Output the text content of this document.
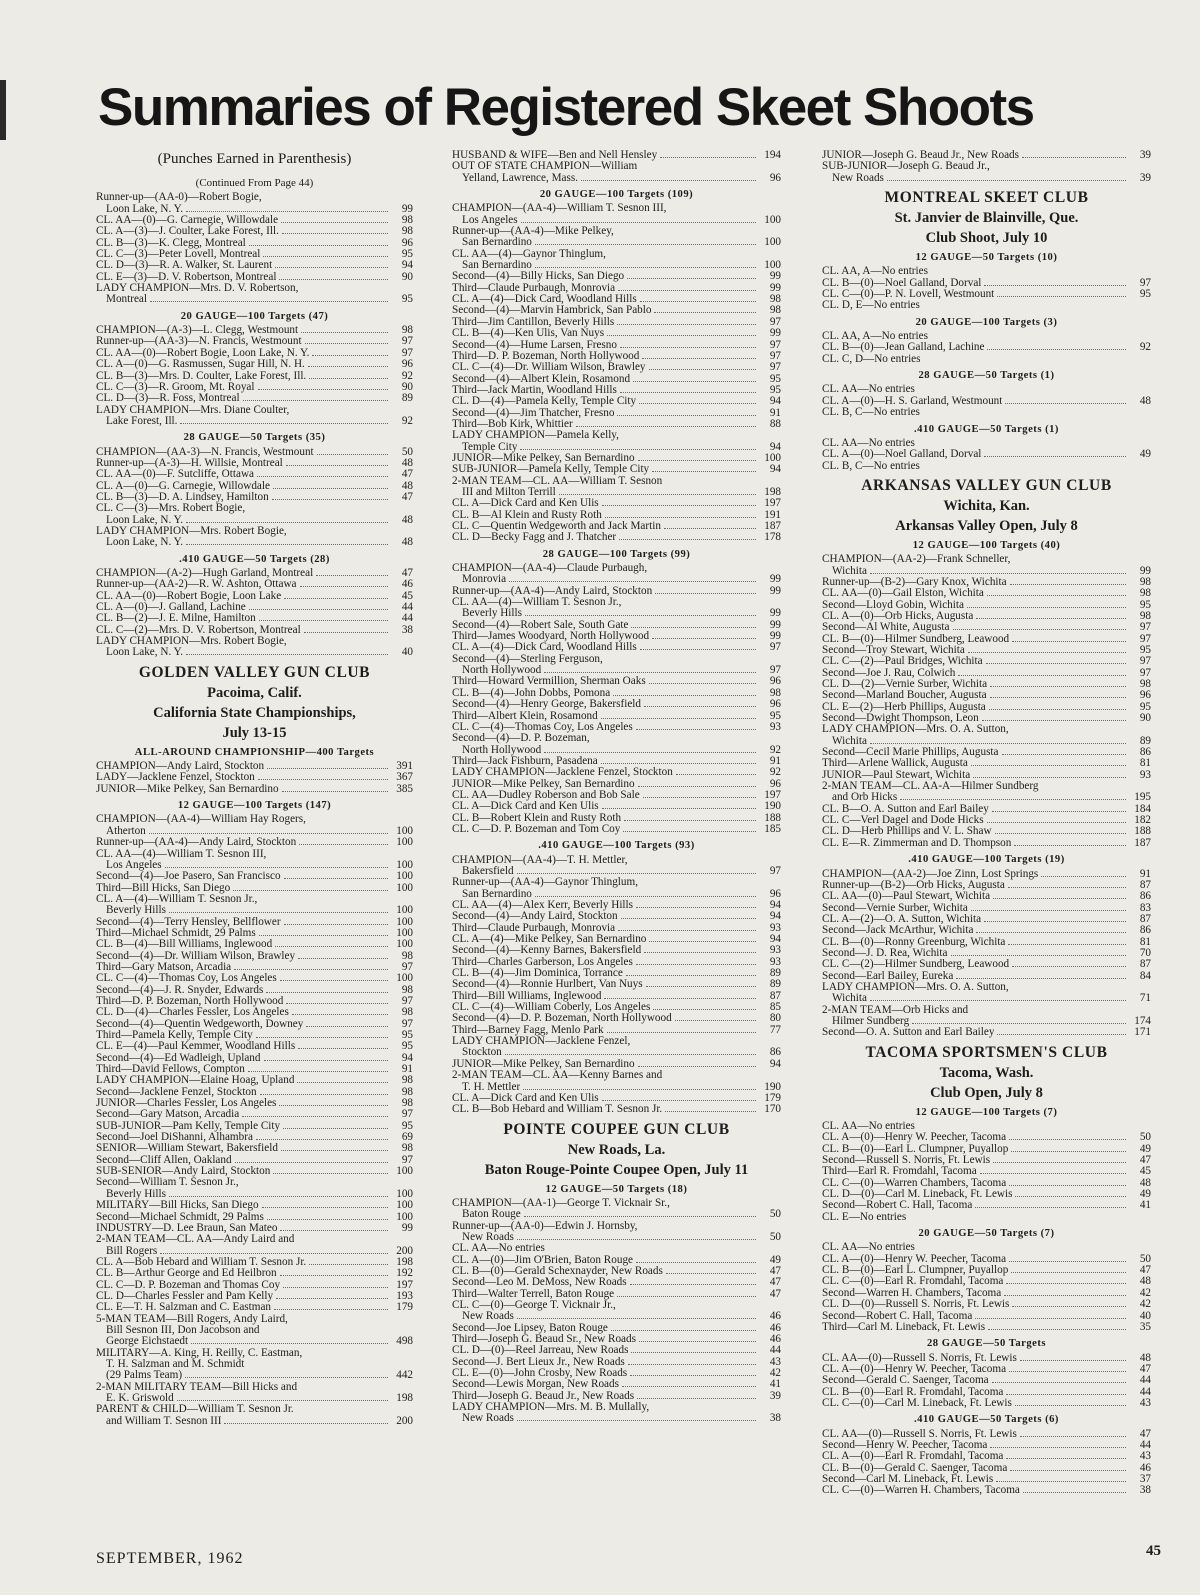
Summaries of Registered Skeet Shoots
(Punches Earned in Parenthesis)
(Continued From Page 44)
Runner-up—(AA-0)—Robert Bogie,
Loon Lake, N. Y.	99
CL. AA—(0)—G. Carnegie, Willowdale	98
CL. A—(3)—J. Coulter, Lake Forest, Ill.	98
CL. B—(3)—K. Clegg, Montreal	96
CL. C—(3)—Peter Lovell, Montreal	95
CL. D—(3)—R. A. Walker, St. Laurent	94
CL. E—(3)—D. V. Robertson, Montreal	90
LADY CHAMPION—Mrs. D. V. Robertson,
Montreal	95
20 GAUGE—100 Targets (47)
CHAMPION—(A-3)—L. Clegg, Westmount	98
Runner-up—(AA-3)—N. Francis, Westmount	97
CL. AA—(0)—Robert Bogie, Loon Lake, N. Y.	97
CL. A—(0)—G. Rasmussen, Sugar Hill, N. H.	96
CL. B—(3)—Mrs. D. Coulter, Lake Forest, Ill.	92
CL. C—(3)—R. Groom, Mt. Royal	90
CL. D—(3)—R. Foss, Montreal	89
LADY CHAMPION—Mrs. Diane Coulter,
Lake Forest, Ill.	92
28 GAUGE—50 Targets (35)
CHAMPION—(AA-3)—N. Francis, Westmount	50
Runner-up—(A-3)—H. Willsie, Montreal	48
CL. AA—(0)—F. Sutcliffe, Ottawa	47
CL. A—(0)—G. Carnegie, Willowdale	48
CL. B—(3)—D. A. Lindsey, Hamilton	47
CL. C—(3)—Mrs. Robert Bogie,
Loon Lake, N. Y.	48
LADY CHAMPION—Mrs. Robert Bogie,
Loon Lake, N. Y.	48
.410 GAUGE—50 Targets (28)
CHAMPION—(A-2)—Hugh Garland, Montreal	47
Runner-up—(AA-2)—R. W. Ashton, Ottawa	46
CL. AA—(0)—Robert Bogie, Loon Lake	45
CL. A—(0)—J. Galland, Lachine	44
CL. B—(2)—J. E. Milne, Hamilton	44
CL. C—(2)—Mrs. D. V. Robertson, Montreal	38
LADY CHAMPION—Mrs. Robert Bogie,
Loon Lake, N. Y.	40
GOLDEN VALLEY GUN CLUB
Pacoima, Calif.
California State Championships,
July 13-15
ALL-AROUND CHAMPIONSHIP—400 Targets
CHAMPION—Andy Laird, Stockton	391
LADY—Jacklene Fenzel, Stockton	367
JUNIOR—Mike Pelkey, San Bernardino	385
12 GAUGE—100 Targets (147)
CHAMPION—(AA-4)—William Hay Rogers,
Atherton	100
Runner-up—(AA-4)—Andy Laird, Stockton	100
CL. AA—(4)—William T. Sesnon III,
Los Angeles	100
Second—(4)—Joe Pasero, San Francisco	100
Third—Bill Hicks, San Diego	100
CL. A—(4)—William T. Sesnon Jr.,
Beverly Hills	100
Second—(4)—Terry Hensley, Bellflower	100
Third—Michael Schmidt, 29 Palms	100
CL. B—(4)—Bill Williams, Inglewood	100
Second—(4)—Dr. William Wilson, Brawley	98
Third—Gary Matson, Arcadia	97
CL. C—(4)—Thomas Coy, Los Angeles	100
Second—(4)—J. R. Snyder, Edwards	98
Third—D. P. Bozeman, North Hollywood	97
CL. D—(4)—Charles Fessler, Los Angeles	98
Second—(4)—Quentin Wedgeworth, Downey	97
Third—Pamela Kelly, Temple City	95
CL. E—(4)—Paul Kemmer, Woodland Hills	95
Second—(4)—Ed Wadleigh, Upland	94
Third—David Fellows, Compton	91
LADY CHAMPION—Elaine Hoag, Upland	98
Second—Jacklene Fenzel, Stockton	98
JUNIOR—Charles Fessler, Los Angeles	98
Second—Gary Matson, Arcadia	97
SUB-JUNIOR—Pam Kelly, Temple City	95
Second—Joel DiShanni, Alhambra	69
SENIOR—William Stewart, Bakersfield	98
Second—Cliff Allen, Oakland	97
SUB-SENIOR—Andy Laird, Stockton	100
Second—William T. Sesnon Jr.,
Beverly Hills	100
MILITARY—Bill Hicks, San Diego	100
Second—Michael Schmidt, 29 Palms	100
INDUSTRY—D. Lee Braun, San Mateo	99
2-MAN TEAM—CL. AA—Andy Laird and
Bill Rogers	200
CL. A—Bob Hebard and William T. Sesnon Jr.	198
CL. B—Arthur George and Ed Heilbron	192
CL. C—D. P. Bozeman and Thomas Coy	197
CL. D—Charles Fessler and Pam Kelly	193
CL. E—T. H. Salzman and C. Eastman	179
5-MAN TEAM—Bill Rogers, Andy Laird,
Bill Sesnon III, Don Jacobson and
George Eichstaedt	498
MILITARY—A. King, H. Reilly, C. Eastman,
T. H. Salzman and M. Schmidt
(29 Palms Team)	442
2-MAN MILITARY TEAM—Bill Hicks and
E. K. Griswold	198
PARENT & CHILD—William T. Sesnon Jr.
and William T. Sesnon III	200
HUSBAND & WIFE—Ben and Nell Hensley	194
OUT OF STATE CHAMPION—William
Yelland, Lawrence, Mass.	96
20 GAUGE—100 Targets (109)
CHAMPION—(AA-4)—William T. Sesnon III,
Los Angeles	100
Runner-up—(AA-4)—Mike Pelkey,
San Bernardino	100
CL. AA—(4)—Gaynor Thinglum,
San Bernardino	100
Second—(4)—Billy Hicks, San Diego	99
Third—Claude Purbaugh, Monrovia	99
CL. A—(4)—Dick Card, Woodland Hills	98
Second—(4)—Marvin Hambrick, San Pablo	98
Third—Jim Cantillon, Beverly Hills	97
CL. B—(4)—Ken Ulis, Van Nuys	99
Second—(4)—Hume Larsen, Fresno	97
Third—D. P. Bozeman, North Hollywood	97
CL. C—(4)—Dr. William Wilson, Brawley	97
Second—(4)—Albert Klein, Rosamond	95
Third—Jack Martin, Woodland Hills	95
CL. D—(4)—Pamela Kelly, Temple City	94
Second—(4)—Jim Thatcher, Fresno	91
Third—Bob Kirk, Whittier	88
LADY CHAMPION—Pamela Kelly,
Temple City	94
JUNIOR—Mike Pelkey, San Bernardino	100
SUB-JUNIOR—Pamela Kelly, Temple City	94
2-MAN TEAM—CL. AA—William T. Sesnon
III and Milton Terrill	198
CL. A—Dick Card and Ken Ulis	197
CL. B—Al Klein and Rusty Roth	191
CL. C—Quentin Wedgeworth and Jack Martin	187
CL. D—Becky Fagg and J. Thatcher	178
28 GAUGE—100 Targets (99)
CHAMPION—(AA-4)—Claude Purbaugh,
Monrovia	99
Runner-up—(AA-4)—Andy Laird, Stockton	99
CL. AA—(4)—William T. Sesnon Jr.,
Beverly Hills	99
Second—(4)—Robert Sale, South Gate	99
Third—James Woodyard, North Hollywood	99
CL. A—(4)—Dick Card, Woodland Hills	97
Second—(4)—Sterling Ferguson,
North Hollywood	97
Third—Howard Vermillion, Sherman Oaks	96
CL. B—(4)—John Dobbs, Pomona	98
Second—(4)—Henry George, Bakersfield	96
Third—Albert Klein, Rosamond	95
CL. C—(4)—Thomas Coy, Los Angeles	93
Second—(4)—D. P. Bozeman,
North Hollywood	92
Third—Jack Fishburn, Pasadena	91
LADY CHAMPION—Jacklene Fenzel, Stockton	92
JUNIOR—Mike Pelkey, San Bernardino	96
CL. AA—Dudley Roberson and Bob Sale	197
CL. A—Dick Card and Ken Ulis	190
CL. B—Robert Klein and Rusty Roth	188
CL. C—D. P. Bozeman and Tom Coy	185
.410 GAUGE—100 Targets (93)
CHAMPION—(AA-4)—T. H. Mettler,
Bakersfield	97
Runner-up—(AA-4)—Gaynor Thinglum,
San Bernardino	96
CL. AA—(4)—Alex Kerr, Beverly Hills	94
Second—(4)—Andy Laird, Stockton	94
Third—Claude Purbaugh, Monrovia	93
CL. A—(4)—Mike Pelkey, San Bernardino	94
Second—(4)—Kenny Barnes, Bakersfield	93
Third—Charles Garberson, Los Angeles	93
CL. B—(4)—Jim Dominica, Torrance	89
Second—(4)—Ronnie Hurlbert, Van Nuys	89
Third—Bill Williams, Inglewood	87
CL. C—(4)—William Coberly, Los Angeles	85
Second—(4)—D. P. Bozeman, North Hollywood	80
Third—Barney Fagg, Menlo Park	77
LADY CHAMPION—Jacklene Fenzel,
Stockton	86
JUNIOR—Mike Pelkey, San Bernardino	94
2-MAN TEAM—CL. AA—Kenny Barnes and
T. H. Mettler	190
CL. A—Dick Card and Ken Ulis	179
CL. B—Bob Hebard and William T. Sesnon Jr.	170
POINTE COUPEE GUN CLUB
New Roads, La.
Baton Rouge-Pointe Coupee Open, July 11
12 GAUGE—50 Targets (18)
CHAMPION—(AA-1)—George T. Vicknair Sr.,
Baton Rouge	50
Runner-up—(AA-0)—Edwin J. Hornsby,
New Roads	50
CL. AA—No entries
CL. A—(0)—Jim O'Brien, Baton Rouge	49
CL. B—(0)—Gerald Schexnayder, New Roads	47
Second—Leo M. DeMoss, New Roads	47
Third—Walter Terrell, Baton Rouge	47
CL. C—(0)—George T. Vicknair Jr.,
New Roads	46
Second—Joe Lipsey, Baton Rouge	46
Third—Joseph G. Beaud Sr., New Roads	46
CL. D—(0)—Reel Jarreau, New Roads	44
Second—J. Bert Lieux Jr., New Roads	43
CL. E—(0)—John Crosby, New Roads	42
Second—Lewis Morgan, New Roads	41
Third—Joseph G. Beaud Jr., New Roads	39
LADY CHAMPION—Mrs. M. B. Mullally,
New Roads	38
JUNIOR—Joseph G. Beaud Jr., New Roads	39
SUB-JUNIOR—Joseph G. Beaud Jr.,
New Roads	39
MONTREAL SKEET CLUB
St. Janvier de Blainville, Que.
Club Shoot, July 10
12 GAUGE—50 Targets (10)
CL. AA, A—No entries
CL. B—(0)—Noel Galland, Dorval	97
CL. C—(0)—P. N. Lovell, Westmount	95
CL. D, E—No entries
20 GAUGE—100 Targets (3)
CL. AA, A—No entries
CL. B—(0)—Jean Galland, Lachine	92
CL. C, D—No entries
28 GAUGE—50 Targets (1)
CL. AA—No entries
CL. A—(0)—H. S. Garland, Westmount	48
CL. B, C—No entries
.410 GAUGE—50 Targets (1)
CL. AA—No entries
CL. A—(0)—Noel Galland, Dorval	49
CL. B, C—No entries
ARKANSAS VALLEY GUN CLUB
Wichita, Kan.
Arkansas Valley Open, July 8
12 GAUGE—100 Targets (40)
CHAMPION—(AA-2)—Frank Schneller,
Wichita	99
Runner-up—(B-2)—Gary Knox, Wichita	98
CL. AA—(0)—Gail Elston, Wichita	98
Second—Lloyd Gobin, Wichita	95
CL. A—(0)—Orb Hicks, Augusta	98
Second—Al White, Augusta	97
CL. B—(0)—Hilmer Sundberg, Leawood	97
Second—Troy Stewart, Wichita	95
CL. C—(2)—Paul Bridges, Wichita	97
Second—Joe J. Rau, Colwich	97
CL. D—(2)—Vernie Surber, Wichita	98
Second—Marland Boucher, Augusta	96
CL. E—(2)—Herb Phillips, Augusta	95
Second—Dwight Thompson, Leon	90
LADY CHAMPION—Mrs. O. A. Sutton,
Wichita	89
Second—Cecil Marie Phillips, Augusta	86
Third—Arlene Wallick, Augusta	81
JUNIOR—Paul Stewart, Wichita	93
2-MAN TEAM—CL. AA-A—Hilmer Sundberg
and Orb Hicks	195
CL. B—O. A. Sutton and Earl Bailey	184
CL. C—Verl Dagel and Dode Hicks	182
CL. D—Herb Phillips and V. L. Shaw	188
CL. E—R. Zimmerman and D. Thompson	187
.410 GAUGE—100 Targets (19)
CHAMPION—(AA-2)—Joe Zinn, Lost Springs	91
Runner-up—(B-2)—Orb Hicks, Augusta	87
CL. AA—(0)—Paul Stewart, Wichita	86
Second—Vernie Surber, Wichita	83
CL. A—(2)—O. A. Sutton, Wichita	87
Second—Jack McArthur, Wichita	86
CL. B—(0)—Ronny Greenburg, Wichita	81
Second—J. D. Rea, Wichita	70
CL. C—(2)—Hilmer Sundberg, Leawood	87
Second—Earl Bailey, Eureka	84
LADY CHAMPION—Mrs. O. A. Sutton,
Wichita	71
2-MAN TEAM—Orb Hicks and
Hilmer Sundberg	174
Second—O. A. Sutton and Earl Bailey	171
TACOMA SPORTSMEN'S CLUB
Tacoma, Wash.
Club Open, July 8
12 GAUGE—100 Targets (7)
CL. AA—No entries
CL. A—(0)—Henry W. Peecher, Tacoma	50
CL. B—(0)—Earl L. Clumpner, Puyallop	49
Second—Russell S. Norris, Ft. Lewis	47
Third—Earl R. Fromdahl, Tacoma	45
CL. C—(0)—Warren Chambers, Tacoma	48
CL. D—(0)—Carl M. Lineback, Ft. Lewis	49
Second—Robert C. Hall, Tacoma	41
CL. E—No entries
20 GAUGE—50 Targets (7)
CL. AA—No entries
CL. A—(0)—Henry W. Peecher, Tacoma	50
CL. B—(0)—Earl L. Clumpner, Puyallop	47
CL. C—(0)—Earl R. Fromdahl, Tacoma	48
Second—Warren H. Chambers, Tacoma	42
CL. D—(0)—Russell S. Norris, Ft. Lewis	42
Second—Robert C. Hall, Tacoma	40
Third—Carl M. Lineback, Ft. Lewis	35
28 GAUGE—50 Targets
CL. AA—(0)—Russell S. Norris, Ft. Lewis	48
CL. A—(0)—Henry W. Peecher, Tacoma	47
Second—Gerald C. Saenger, Tacoma	44
CL. B—(0)—Earl R. Fromdahl, Tacoma	44
CL. C—(0)—Carl M. Lineback, Ft. Lewis	43
.410 GAUGE—50 Targets (6)
CL. AA—(0)—Russell S. Norris, Ft. Lewis	47
Second—Henry W. Peecher, Tacoma	44
CL. A—(0)—Earl R. Fromdahl, Tacoma	43
CL. B—(0)—Gerald C. Saenger, Tacoma	46
Second—Carl M. Lineback, Ft. Lewis	37
CL. C—(0)—Warren H. Chambers, Tacoma	38
SEPTEMBER, 1962	45
